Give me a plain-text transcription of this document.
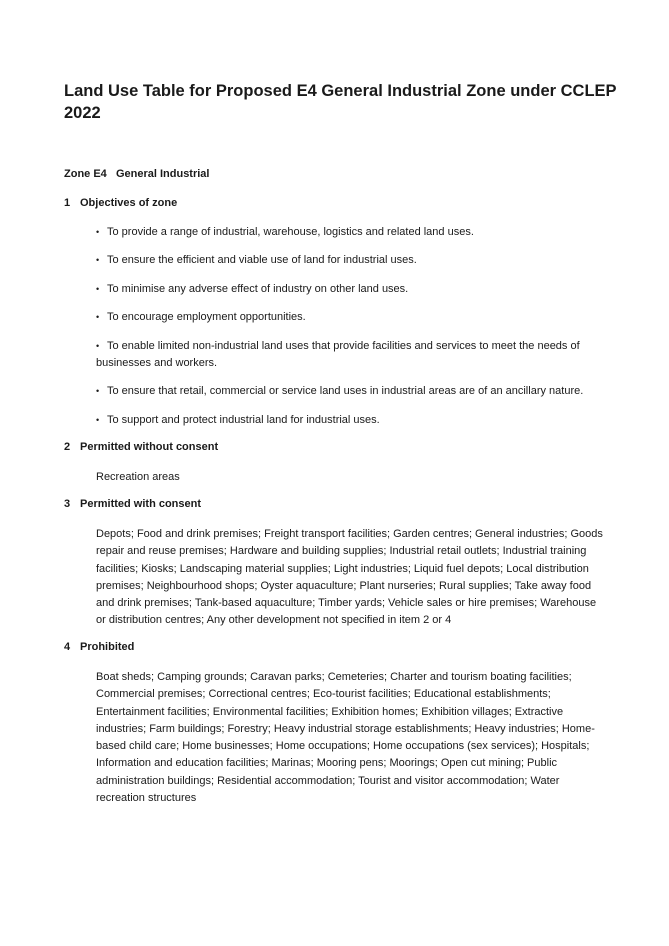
Land Use Table for Proposed E4 General Industrial Zone under CCLEP 2022

Zone E4   General Industrial

1 Objectives of zone

• To provide a range of industrial, warehouse, logistics and related land uses.

• To ensure the efficient and viable use of land for industrial uses.

• To minimise any adverse effect of industry on other land uses.

• To encourage employment opportunities.

• To enable limited non-industrial land uses that provide facilities and services to meet the needs of businesses and workers.

• To ensure that retail, commercial or service land uses in industrial areas are of an ancillary nature.

• To support and protect industrial land for industrial uses.

2 Permitted without consent

Recreation areas

3 Permitted with consent

Depots; Food and drink premises; Freight transport facilities; Garden centres; General industries; Goods repair and reuse premises; Hardware and building supplies; Industrial retail outlets; Industrial training facilities; Kiosks; Landscaping material supplies; Light industries; Liquid fuel depots; Local distribution premises; Neighbourhood shops; Oyster aquaculture; Plant nurseries; Rural supplies; Take away food and drink premises; Tank-based aquaculture; Timber yards; Vehicle sales or hire premises; Warehouse or distribution centres; Any other development not specified in item 2 or 4

4 Prohibited

Boat sheds; Camping grounds; Caravan parks; Cemeteries; Charter and tourism boating facilities; Commercial premises; Correctional centres; Eco-tourist facilities; Educational establishments; Entertainment facilities; Environmental facilities; Exhibition homes; Exhibition villages; Extractive industries; Farm buildings; Forestry; Heavy industrial storage establishments; Heavy industries; Home-based child care; Home businesses; Home occupations; Home occupations (sex services); Hospitals; Information and education facilities; Marinas; Mooring pens; Moorings; Open cut mining; Public administration buildings; Residential accommodation; Tourist and visitor accommodation; Water recreation structures
